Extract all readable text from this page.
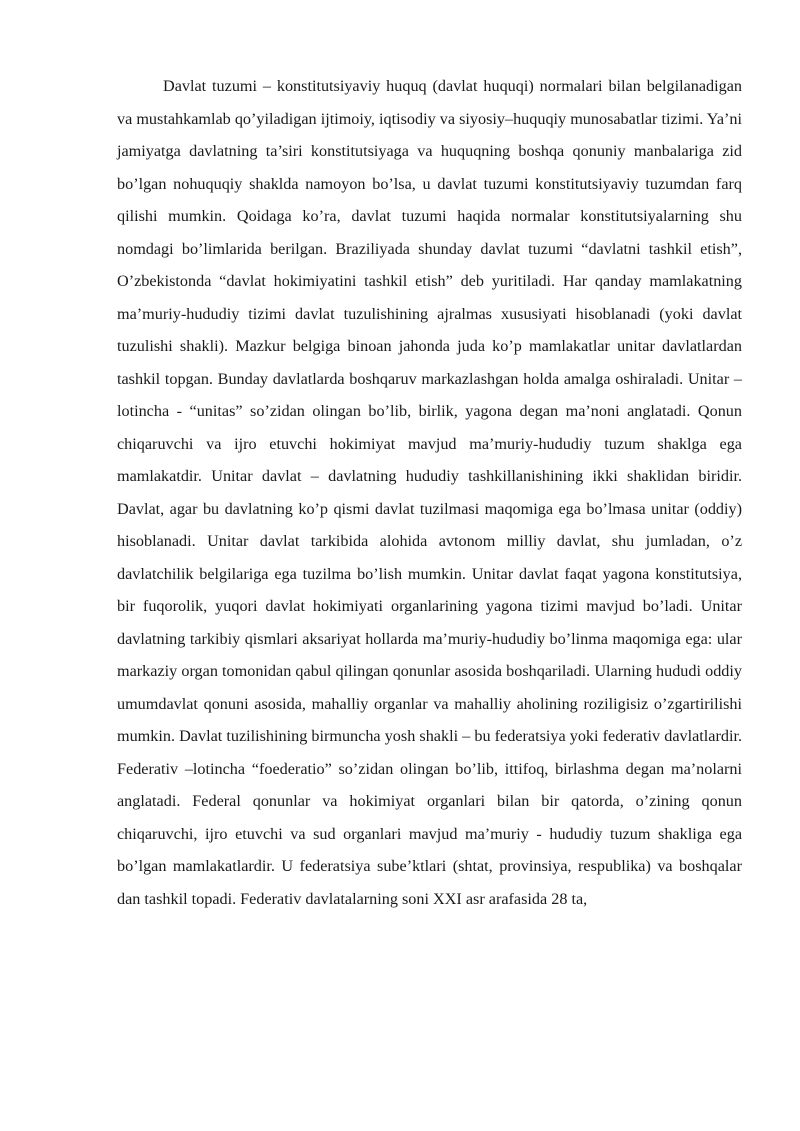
Davlat tuzumi – konstitutsiyaviy huquq (davlat huquqi) normalari bilan belgilanadigan va mustahkamlab qo’yiladigan ijtimoiy, iqtisodiy va siyosiy–huquqiy munosabatlar tizimi. Ya’ni jamiyatga davlatning ta’siri konstitutsiyaga va huquqning boshqa qonuniy manbalariga zid bo’lgan nohuquqiy shaklda namoyon bo’lsa, u davlat tuzumi konstitutsiyaviy tuzumdan farq qilishi mumkin. Qoidaga ko’ra, davlat tuzumi haqida normalar konstitutsiyalarning shu nomdagi bo’limlarida berilgan. Braziliyada shunday davlat tuzumi “davlatni tashkil etish”, O’zbekistonda “davlat hokimiyatini tashkil etish” deb yuritiladi. Har qanday mamlakatning ma’muriy-hududiy tizimi davlat tuzulishining ajralmas xususiyati hisoblanadi (yoki davlat tuzulishi shakli). Mazkur belgiga binoan jahonda juda ko’p mamlakatlar unitar davlatlardan tashkil topgan. Bunday davlatlarda boshqaruv markazlashgan holda amalga oshiraladi. Unitar – lotincha - “unitas” so’zidan olingan bo’lib, birlik, yagona degan ma’noni anglatadi. Qonun chiqaruvchi va ijro etuvchi hokimiyat mavjud ma’muriy-hududiy tuzum shaklga ega mamlakatdir. Unitar davlat – davlatning hududiy tashkillanishining ikki shaklidan biridir. Davlat, agar bu davlatning ko’p qismi davlat tuzilmasi maqomiga ega bo’lmasa unitar (oddiy) hisoblanadi. Unitar davlat tarkibida alohida avtonom milliy davlat, shu jumladan, o’z davlatchilik belgilariga ega tuzilma bo’lish mumkin. Unitar davlat faqat yagona konstitutsiya, bir fuqorolik, yuqori davlat hokimiyati organlarining yagona tizimi mavjud bo’ladi. Unitar davlatning tarkibiy qismlari aksariyat hollarda ma’muriy-hududiy bo’linma maqomiga ega: ular markaziy organ tomonidan qabul qilingan qonunlar asosida boshqariladi. Ularning hududi oddiy umumdavlat qonuni asosida, mahalliy organlar va mahalliy aholining roziligisiz o’zgartirilishi mumkin. Davlat tuzilishining birmuncha yosh shakli – bu federatsiya yoki federativ davlatlardir. Federativ –lotincha “foederatio” so’zidan olingan bo’lib, ittifoq, birlashma degan ma’nolarni anglatadi. Federal qonunlar va hokimiyat organlari bilan bir qatorda, o’zining qonun chiqaruvchi, ijro etuvchi va sud organlari mavjud ma’muriy - hududiy tuzum shakliga ega bo’lgan mamlakatlardir. U federatsiya sube’ktlari (shtat, provinsiya, respublika) va boshqalar dan tashkil topadi. Federativ davlatalarning soni XXI asr arafasida 28 ta,
